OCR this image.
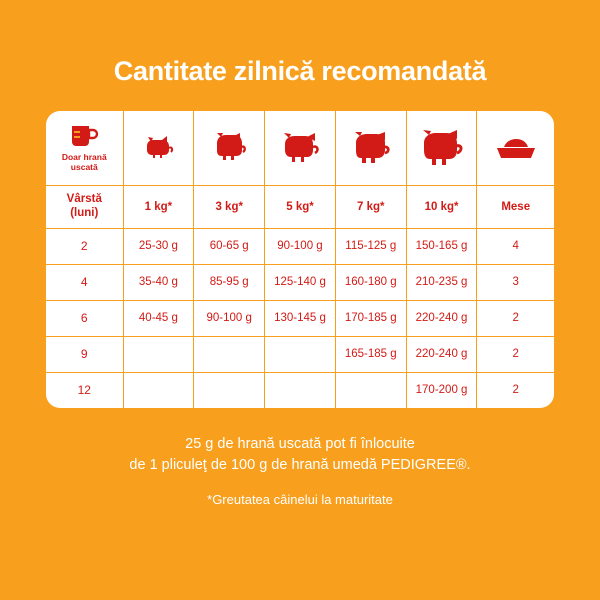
Cantitate zilnică recomandată
Doar hrană
uscată

Vârstă
(luni)	1 kg*	3 kg*	5 kg*	7 kg*	10 kg*	Mese
2	25-30 g	60-65 g	90-100 g	115-125 g	150-165 g	4
4	35-40 g	85-95 g	125-140 g	160-180 g	210-235 g	3
6	40-45 g	90-100 g	130-145 g	170-185 g	220-240 g	2
9				165-185 g	220-240 g	2
12					170-200 g	2
25 g de hrană uscată pot fi înlocuite
de 1 pliculeţ de 100 g de hrană umedă PEDIGREE®.
*Greutatea câinelui la maturitate
